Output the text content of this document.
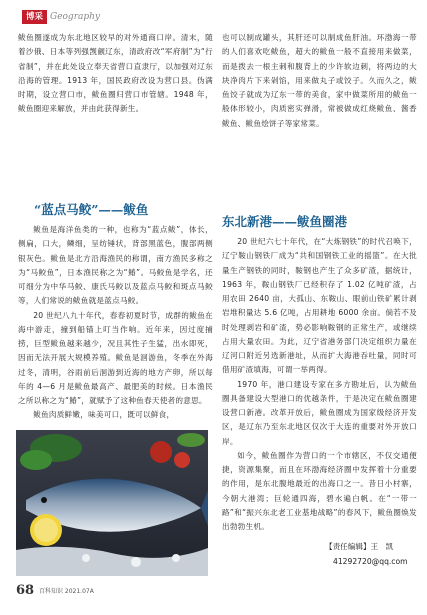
博采 Geography

鲅鱼圈遂成为东北地区较早的对外通商口岸。清末，随着沙俄、日本等列强觊觎辽东，清政府改“军府制”为“行省制”，并在此处设立奉天省营口直隶厅，以加强对辽东沿海的管理。1913 年，国民政府改设为营口县。伪满时期，设立营口市，鲅鱼圈归营口市管辖。1948 年，鲅鱼圈迎来解放，并由此获得新生。

“蓝点马鲛”——鲅鱼

鲅鱼是海洋鱼类的一种，也称为“蓝点鲅”，体长，侧扁，口大，鳞细，呈纺锤状，背部黑蓝色，腹部两侧银灰色。鲅鱼是北方沿海渔民的称谓，南方渔民多称之为“马鲛鱼”，日本渔民称之为“鰆”。马鲛鱼是学名，还可细分为中华马鲛、康氏马鲛以及蓝点马鲛和斑点马鲛等，人们常说的鲅鱼就是蓝点马鲛。

20 世纪八九十年代，春春初夏时节，成群的鲅鱼在海中游走，撞到船锚上叮当作响。近年来，因过度捕捞，巨型鲅鱼越来越少，况且其性子生猛，出水即死，因而无法开展大规模养殖。鲅鱼是洄游鱼，冬季在外海过冬，清明，谷雨前后洄游到近海的地方产卵，所以每年的 4—6 月是鲅鱼最高产、最肥美的时候。日本渔民之所以称之为“鰆”，就赋予了这种鱼春天使者的意思。

鲅鱼肉质鲜嫩，味美可口，既可以鲜食，

也可以制成罐头，其肝还可以制成鱼肝油。环渤海一带的人们喜欢吃鲅鱼，超大的鲅鱼一般不直接用来做菜，而是拨去一根主刺和腹背上的少许软边刺，将两边的大块净肉片下来剁馅，用来做丸子或饺子。久而久之，鲅鱼饺子就成为辽东一带的美食，家中做菜所用的鲅鱼一般体形较小，肉质密实弹滑，常被做成红烧鲅鱼、酱香鲅鱼、鲅鱼烩饼子等家常菜。

东北新港——鲅鱼圈港

20 世纪六七十年代，在“大炼钢铁”的时代召唤下，辽宁鞍山钢铁厂成为“共和国钢铁工业的摇篮”。在大批量生产钢铁的同时，鞍钢也产生了众多矿渣，据统计，1963 年，鞍山钢铁厂已经积存了 1.02 亿吨矿渣，占用农田 2640 亩，大孤山、东鞍山、眼前山铁矿累计剥岩堆积量达 5.6 亿吨，占用耕地 6000 余亩。倘若不及时处理剥岩和矿渣，势必影响鞍钢的正常生产，或继续占用大量农田。为此，辽宁省港务部门决定组织力量在辽河口附近另选新港址，从而扩大海港吞吐量，同时可借用矿渣填海，可谓一举两得。

1970 年，港口建设专家在多方勘址后，认为鲅鱼圈具备建设大型港口的优越条件，于是决定在鲅鱼圈建设营口新港。改革开放后，鲅鱼圈成为国家级经济开发区，是辽东乃至东北地区仅次于大连的重要对外开放口岸。

如今，鲅鱼圈作为营口的一个市辖区，不仅交通便捷，资源集聚，而且在环渤海经济圈中发挥着十分重要的作用，是东北腹地最近的出海口之一。昔日小村寨，今朝大港湾；巨轮通四海，碧水遍白帆。在“一带一路”和“振兴东北老工业基地战略”的春风下，鲅鱼圈焕发出勃勃生机。

【责任编辑】王　凯
41292720@qq.com
68 百科知识 2021.07A
